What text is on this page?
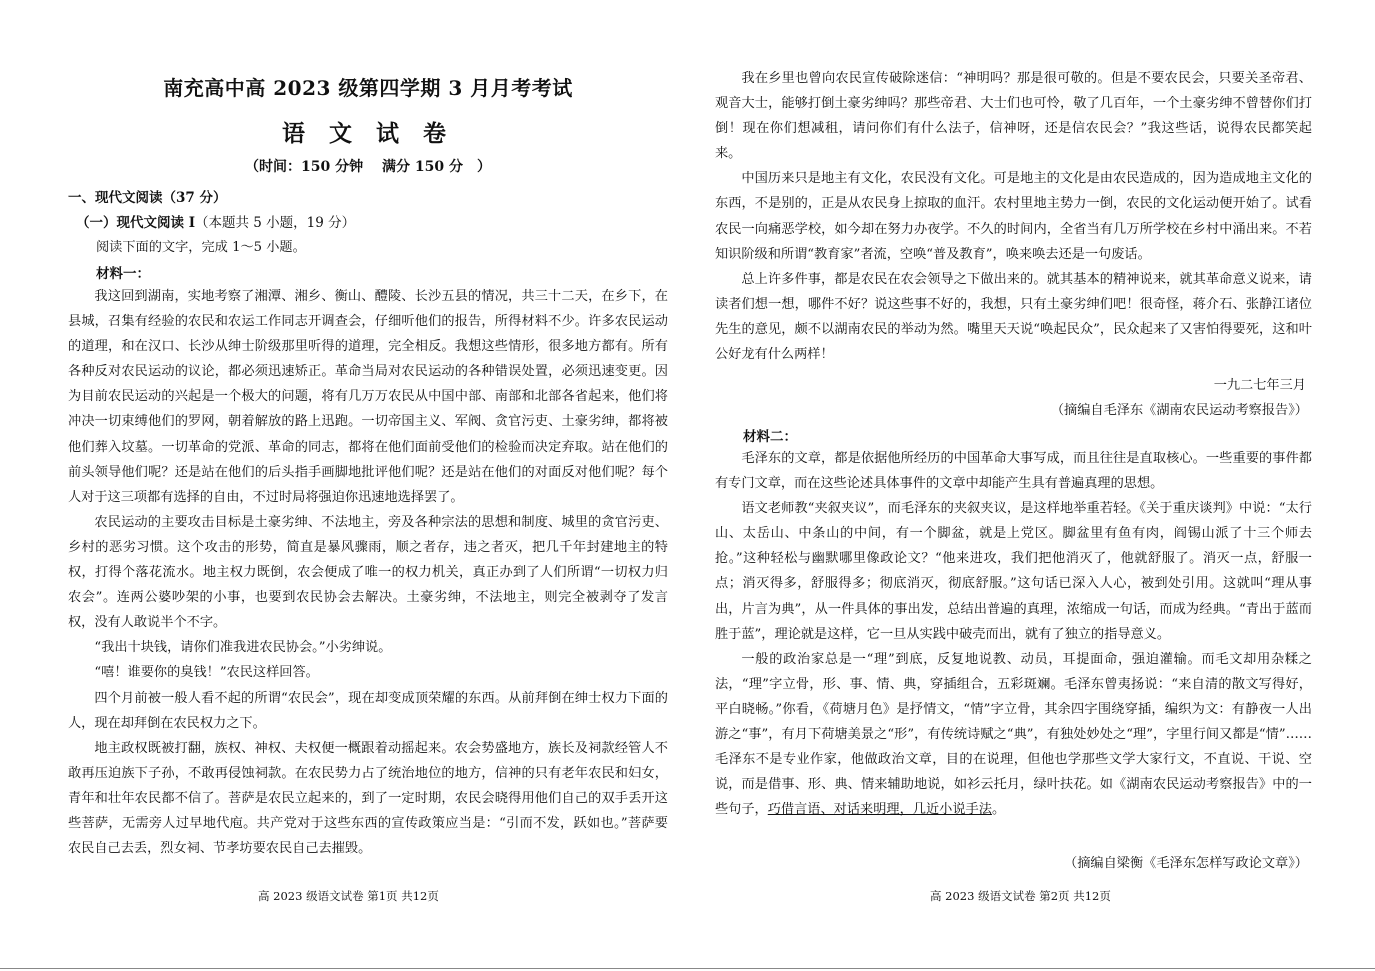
南充高中高 2023 级第四学期 3 月月考考试
语 文 试 卷
（时间：150 分钟　 满分 150 分　）
一、现代文阅读（37 分）
（一）现代文阅读 I（本题共 5 小题，19 分）
阅读下面的文字，完成 1～5 小题。
材料一：

我这回到湖南，实地考察了湘潭、湘乡、衡山、醴陵、长沙五县的情况，共三十二天，在乡下，在县城，召集有经验的农民和农运工作同志开调查会，仔细听他们的报告，所得材料不少。许多农民运动的道理，和在汉口、长沙从绅士阶级那里听得的道理，完全相反。我想这些情形，很多地方都有。所有各种反对农民运动的议论，都必须迅速矫正。革命当局对农民运动的各种错误处置，必须迅速变更。因为目前农民运动的兴起是一个极大的问题，将有几万万农民从中国中部、南部和北部各省起来，他们将冲决一切束缚他们的罗网，朝着解放的路上迅跑。一切帝国主义、军阀、贪官污吏、土豪劣绅，都将被他们葬入坟墓。一切革命的党派、革命的同志，都将在他们面前受他们的检验而决定弃取。站在他们的前头领导他们呢？还是站在他们的后头指手画脚地批评他们呢？还是站在他们的对面反对他们呢？每个人对于这三项都有选择的自由，不过时局将强迫你迅速地选择罢了。

农民运动的主要攻击目标是土豪劣绅、不法地主，旁及各种宗法的思想和制度、城里的贪官污吏、乡村的恶劣习惯。这个攻击的形势，简直是暴风骤雨，顺之者存，违之者灭，把几千年封建地主的特权，打得个落花流水。地主权力既倒，农会便成了唯一的权力机关，真正办到了人们所谓“一切权力归农会”。连两公婆吵架的小事，也要到农民协会去解决。土豪劣绅，不法地主，则完全被剥夺了发言权，没有人敢说半个不字。

“我出十块钱，请你们准我进农民协会。”小劣绅说。

“嘻！谁要你的臭钱！”农民这样回答。

四个月前被一般人看不起的所谓“农民会”，现在却变成顶荣耀的东西。从前拜倒在绅士权力下面的人，现在却拜倒在农民权力之下。

地主政权既被打翻，族权、神权、夫权便一概跟着动摇起来。农会势盛地方，族长及祠款经管人不敢再压迫族下子孙，不敢再侵蚀祠款。在农民势力占了统治地位的地方，信神的只有老年农民和妇女，青年和壮年农民都不信了。菩萨是农民立起来的，到了一定时期，农民会晓得用他们自己的双手丢开这些菩萨，无需旁人过早地代庖。共产党对于这些东西的宣传政策应当是：“引而不发，跃如也。”菩萨要农民自己去丢，烈女祠、节孝坊要农民自己去摧毁。

高 2023 级语文试卷 第1页 共12页

我在乡里也曾向农民宣传破除迷信：“神明吗？那是很可敬的。但是不要农民会，只要关圣帝君、观音大士，能够打倒土豪劣绅吗？那些帝君、大士们也可怜，敬了几百年，一个土豪劣绅不曾替你们打倒！现在你们想减租，请问你们有什么法子，信神呀，还是信农民会？”我这些话，说得农民都笑起来。

中国历来只是地主有文化，农民没有文化。可是地主的文化是由农民造成的，因为造成地主文化的东西，不是别的，正是从农民身上掠取的血汗。农村里地主势力一倒，农民的文化运动便开始了。试看农民一向痛恶学校，如今却在努力办夜学。不久的时间内，全省当有几万所学校在乡村中涌出来。不若知识阶级和所谓“教育家”者流，空唤“普及教育”，唤来唤去还是一句废话。

总上许多件事，都是农民在农会领导之下做出来的。就其基本的精神说来，就其革命意义说来，请读者们想一想，哪件不好？说这些事不好的，我想，只有土豪劣绅们吧！很奇怪，蒋介石、张静江诸位先生的意见，颇不以湖南农民的举动为然。嘴里天天说“唤起民众”，民众起来了又害怕得要死，这和叶公好龙有什么两样！

一九二七年三月
（摘编自毛泽东《湖南农民运动考察报告》）
材料二：

毛泽东的文章，都是依据他所经历的中国革命大事写成，而且往往是直取核心。一些重要的事件都有专门文章，而在这些论述具体事件的文章中却能产生具有普遍真理的思想。

语文老师教“夹叙夹议”，而毛泽东的夹叙夹议，是这样地举重若轻。《关于重庆谈判》中说：“太行山、太岳山、中条山的中间，有一个脚盆，就是上党区。脚盆里有鱼有肉，阎锡山派了十三个师去抢。”这种轻松与幽默哪里像政论文？“他来进攻，我们把他消灭了，他就舒服了。消灭一点，舒服一点；消灭得多，舒服得多；彻底消灭，彻底舒服。”这句话已深入人心，被到处引用。这就叫“理从事出，片言为典”，从一件具体的事出发，总结出普遍的真理，浓缩成一句话，而成为经典。“青出于蓝而胜于蓝”，理论就是这样，它一旦从实践中破壳而出，就有了独立的指导意义。

一般的政治家总是一“理”到底，反复地说教、动员，耳提面命，强迫灌输。而毛文却用杂糅之法，“理”字立骨，形、事、情、典，穿插组合，五彩斑斓。毛泽东曾夷扬说：“来自清的散文写得好，平白晓畅。”你看，《荷塘月色》是抒情文，“情”字立骨，其余四字围绕穿插，编织为文：有静夜一人出游之“事”，有月下荷塘美景之“形”，有传统诗赋之“典”，有独处妙处之“理”，字里行间又都是“情”……毛泽东不是专业作家，他做政治文章，目的在说理，但他也学那些文学大家行文，不直说、干说、空说，而是借事、形、典、情来辅助地说，如衫云托月，绿叶扶花。如《湖南农民运动考察报告》中的一些句子，巧借言语、对话来明理，几近小说手法。

（摘编自梁衡《毛泽东怎样写政论文章》）
高 2023 级语文试卷 第2页 共12页
